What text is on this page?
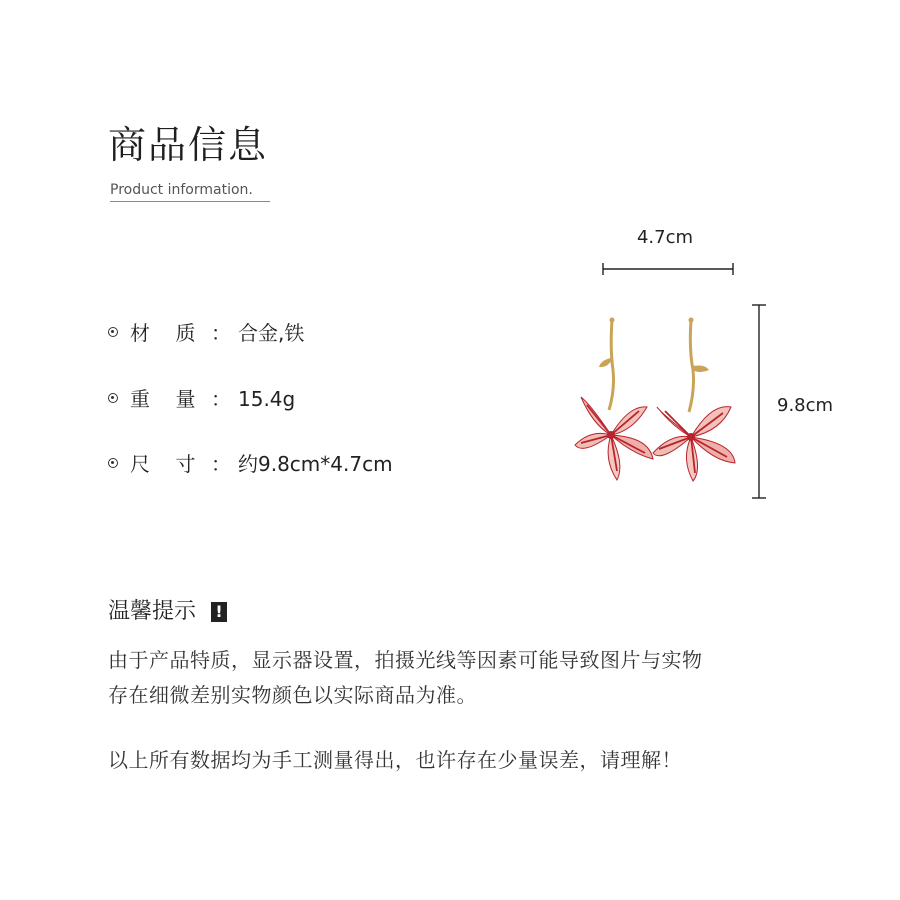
商品信息
Product information.
材 质 ： 合金,铁
重 量 ： 15.4g
尺 寸 ： 约9.8cm*4.7cm
4.7cm
9.8cm
温馨提示 !
由于产品特质，显示器设置，拍摄光线等因素可能导致图片与实物
存在细微差别实物颜色以实际商品为准。
以上所有数据均为手工测量得出，也许存在少量误差，请理解！
